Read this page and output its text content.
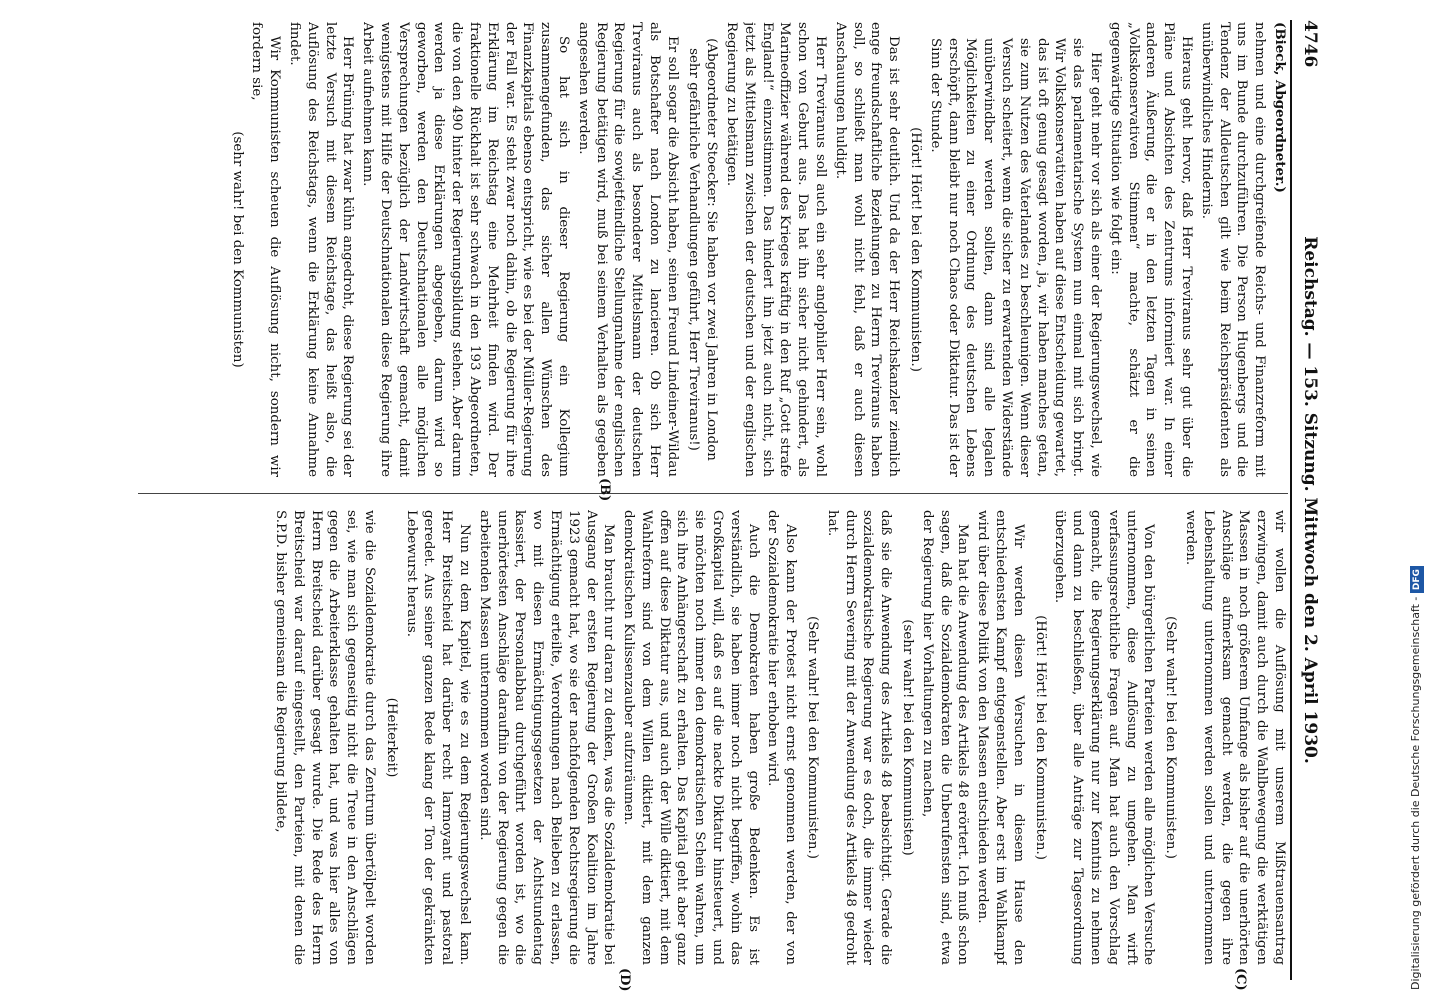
4746
Reichstag. — 153. Sitzung. Mittwoch den 2. April 1930.

(Bieck, Abgeordneter.)

nehmen und eine durchgreifende Reichs- und Finanzreform mit uns im Bunde durchzuführen. Die Person Hugenbergs und die Tendenz der Alldeutschen gilt wie beim Reichspräsidenten als unüberwindliches Hindernis.

Hieraus geht hervor, daß Herr Treviranus sehr gut über die Pläne und Absichten des Zentrums informiert war. In einer anderen Äußerung, die er in den letzten Tagen in seinen „Volkskonservativen Stimmen“ machte, schätzt er die gegenwärtige Situation wie folgt ein:

Hier geht mehr vor sich als einer der Regierungswechsel, wie sie das parlamentarische System nun einmal mit sich bringt. Wir Volkskonservativen haben auf diese Entscheidung gewartet, das ist oft genug gesagt worden, ja, wir haben manches getan, sie zum Nutzen des Vaterlandes zu beschleunigen. Wenn dieser Versuch scheitert, wenn die sicher zu erwartenden Widerstände unüberwindbar werden sollten, dann sind alle legalen Möglichkeiten zu einer Ordnung des deutschen Lebens erschöpft, dann bleibt nur noch Chaos oder Diktatur. Das ist der Sinn der Stunde.

(Hört! Hört! bei den Kommunisten.)

Das ist sehr deutlich. Und da der Herr Reichskanzler ziemlich enge freundschaftliche Beziehungen zu Herrn Treviranus haben soll, so schließt man wohl nicht fehl, daß er auch diesen Anschauungen huldigt.

Herr Treviranus soll auch ein sehr anglophiler Herr sein, wohl schon von Geburt aus. Das hat ihn sicher nicht gehindert, als Marineoffizier während des Krieges kräftig in den Ruf „Gott strafe England!“ einzustimmen. Das hindert ihn jetzt auch nicht, sich jetzt als Mittelsmann zwischen der deutschen und der englischen Regierung zu betätigen.

(Abgeordneter Stoecker: Sie haben vor zwei Jahren in London sehr gefährliche Verhandlungen geführt, Herr Treviranus!)

Er soll sogar die Absicht haben, seinen Freund Lindeiner-Wildau als Botschafter nach London zu lancieren. Ob sich Herr Treviranus auch als besonderer Mittelsmann der deutschen Regierung für die sowjetfeindliche Stellungnahme der englischen Regierung betätigen wird, muß bei seinem Verhalten als gegeben angesehen werden.

So hat sich in dieser Regierung ein Kollegium zusammengefunden, das sicher allen Wünschen des Finanzkapitals ebenso entspricht, wie es bei der Müller-Regierung der Fall war. Es steht zwar noch dahin, ob die Regierung für ihre Erklärung im Reichstag eine Mehrheit finden wird. Der fraktionelle Rückhalt ist sehr schwach in den 193 Abgeordneten, die von den 490 hinter der Regierungsbildung stehen. Aber darum werden ja diese Erklärungen abgegeben, darum wird so geworben, werden den Deutschnationalen alle möglichen Versprechungen bezüglich der Landwirtschaft gemacht, damit wenigstens mit Hilfe der Deutschnationalen diese Regierung ihre Arbeit aufnehmen kann.

Herr Brüning hat zwar kühn angedroht, diese Regierung sei der letzte Versuch mit diesem Reichstage, das heißt also, die Auflösung des Reichstags, wenn die Erklärung keine Annahme findet.

Wir Kommunisten scheuen die Auflösung nicht, sondern wir fordern sie,

(sehr wahr! bei den Kommunisten)

wir wollen die Auflösung mit unserem Mißtrauensantrag erzwingen, damit auch durch die Wahlbewegung die werktätigen Massen in noch größerem Umfange als bisher auf die unerhörten Anschläge aufmerksam gemacht werden, die gegen ihre Lebenshaltung unternommen werden sollen und unternommen werden.

(Sehr wahr! bei den Kommunisten.)

Von den bürgerlichen Parteien werden alle möglichen Versuche unternommen, diese Auflösung zu umgehen. Man wirft verfassungsrechtliche Fragen auf. Man hat auch den Vorschlag gemacht, die Regierungserklärung nur zur Kenntnis zu nehmen und dann zu beschließen, über alle Anträge zur Tagesordnung überzugehen.

(Hört! Hört! bei den Kommunisten.)

Wir werden diesen Versuchen in diesem Hause den entschiedensten Kampf entgegenstellen. Aber erst im Wahlkampf wird über diese Politik von den Massen entschieden werden.

Man hat die Anwendung des Artikels 48 erörtert. Ich muß schon sagen, daß die Sozialdemokraten die Unberufensten sind, etwa der Regierung hier Vorhaltungen zu machen,

(sehr wahr! bei den Kommunisten)

daß sie die Anwendung des Artikels 48 beabsichtigt. Gerade die sozialdemokratische Regierung war es doch, die immer wieder durch Herrn Severing mit der Anwendung des Artikels 48 gedroht hat.

(Sehr wahr! bei den Kommunisten.)

Also kann der Protest nicht ernst genommen werden, der von der Sozialdemokratie hier erhoben wird.

Auch die Demokraten haben große Bedenken. Es ist verständlich, sie haben immer noch nicht begriffen, wohin das Großkapital will, daß es auf die nackte Diktatur hinsteuert, und sie möchten noch immer den demokratischen Schein wahren, um sich ihre Anhängerschaft zu erhalten. Das Kapital geht aber ganz offen auf diese Diktatur aus, und auch der Wille diktiert, mit dem Wahlreform sind von dem Willen diktiert, mit dem ganzen demokratischen Kulissenzauber aufzuräumen.

Man braucht nur daran zu denken, was die Sozialdemokratie bei Ausgang der ersten Regierung der Großen Koalition im Jahre 1923 gemacht hat, wo sie der nachfolgenden Rechtsregierung die Ermächtigung erteilte, Verordnungen nach Belieben zu erlassen, wo mit diesen Ermächtigungsgesetzen der Achtstundentag kassiert, der Personalabbau durchgeführt worden ist, wo die unerhörtesten Anschläge daraufhin von der Regierung gegen die arbeitenden Massen unternommen worden sind.

Nun zu dem Kapitel, wie es zu dem Regierungswechsel kam. Herr Breitscheid hat darüber recht larmoyant und pastoral geredet. Aus seiner ganzen Rede klang der Ton der gekränkten Lebewurst heraus.

(Heiterkeit)

wie die Sozialdemokratie durch das Zentrum übertölpelt worden sei, wie man sich gegenseitig nicht die Treue in den Anschlägen gegen die Arbeiterklasse gehalten hat, und was hier alles von Herrn Breitscheid darüber gesagt wurde. Die Rede des Herrn Breitscheid war darauf eingestellt, den Parteien, mit denen die S.P.D. bisher gemeinsam die Regierung bildete,

(B)
(C)
(D)	Digitalisierung gefördert durch die Deutsche Forschungsgemeinschaft - DFG
